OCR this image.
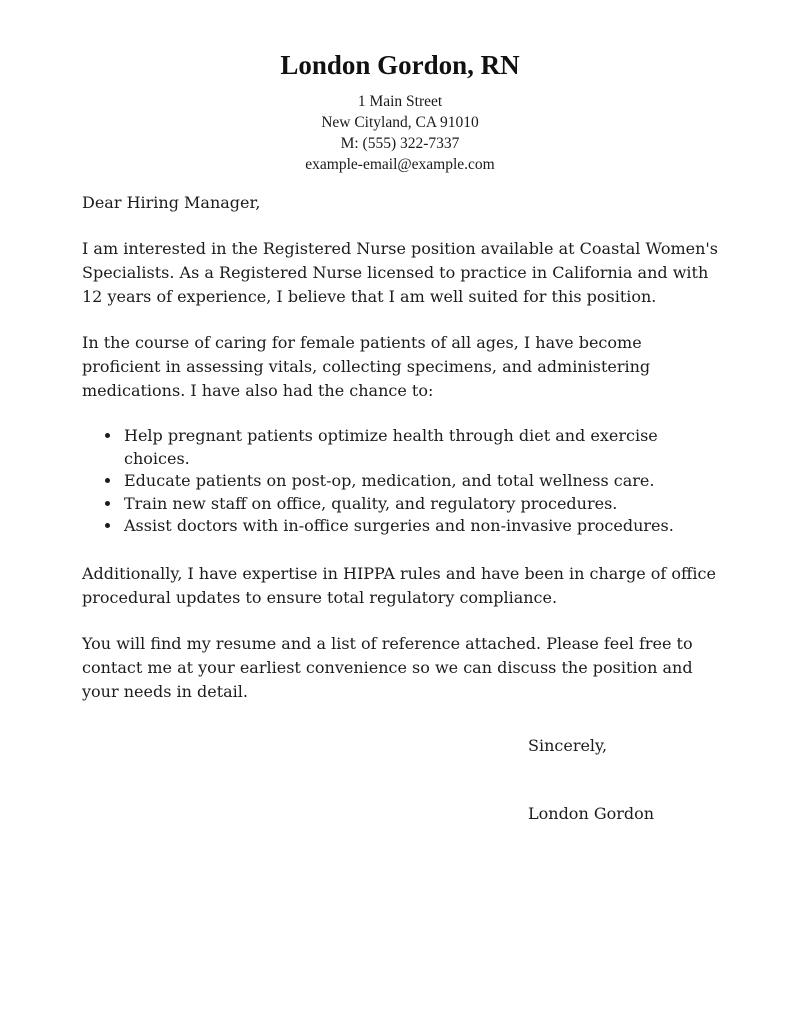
London Gordon, RN
1 Main Street
New Cityland, CA 91010
M: (555) 322-7337
example-email@example.com
Dear Hiring Manager,

I am interested in the Registered Nurse position available at Coastal Women's Specialists. As a Registered Nurse licensed to practice in California and with 12 years of experience, I believe that I am well suited for this position.

In the course of caring for female patients of all ages, I have become proficient in assessing vitals, collecting specimens, and administering medications. I have also had the chance to:

• Help pregnant patients optimize health through diet and exercise choices.
• Educate patients on post-op, medication, and total wellness care.
• Train new staff on office, quality, and regulatory procedures.
• Assist doctors with in-office surgeries and non-invasive procedures.

Additionally, I have expertise in HIPPA rules and have been in charge of office procedural updates to ensure total regulatory compliance.

You will find my resume and a list of reference attached. Please feel free to contact me at your earliest convenience so we can discuss the position and your needs in detail.

Sincerely,
London Gordon
